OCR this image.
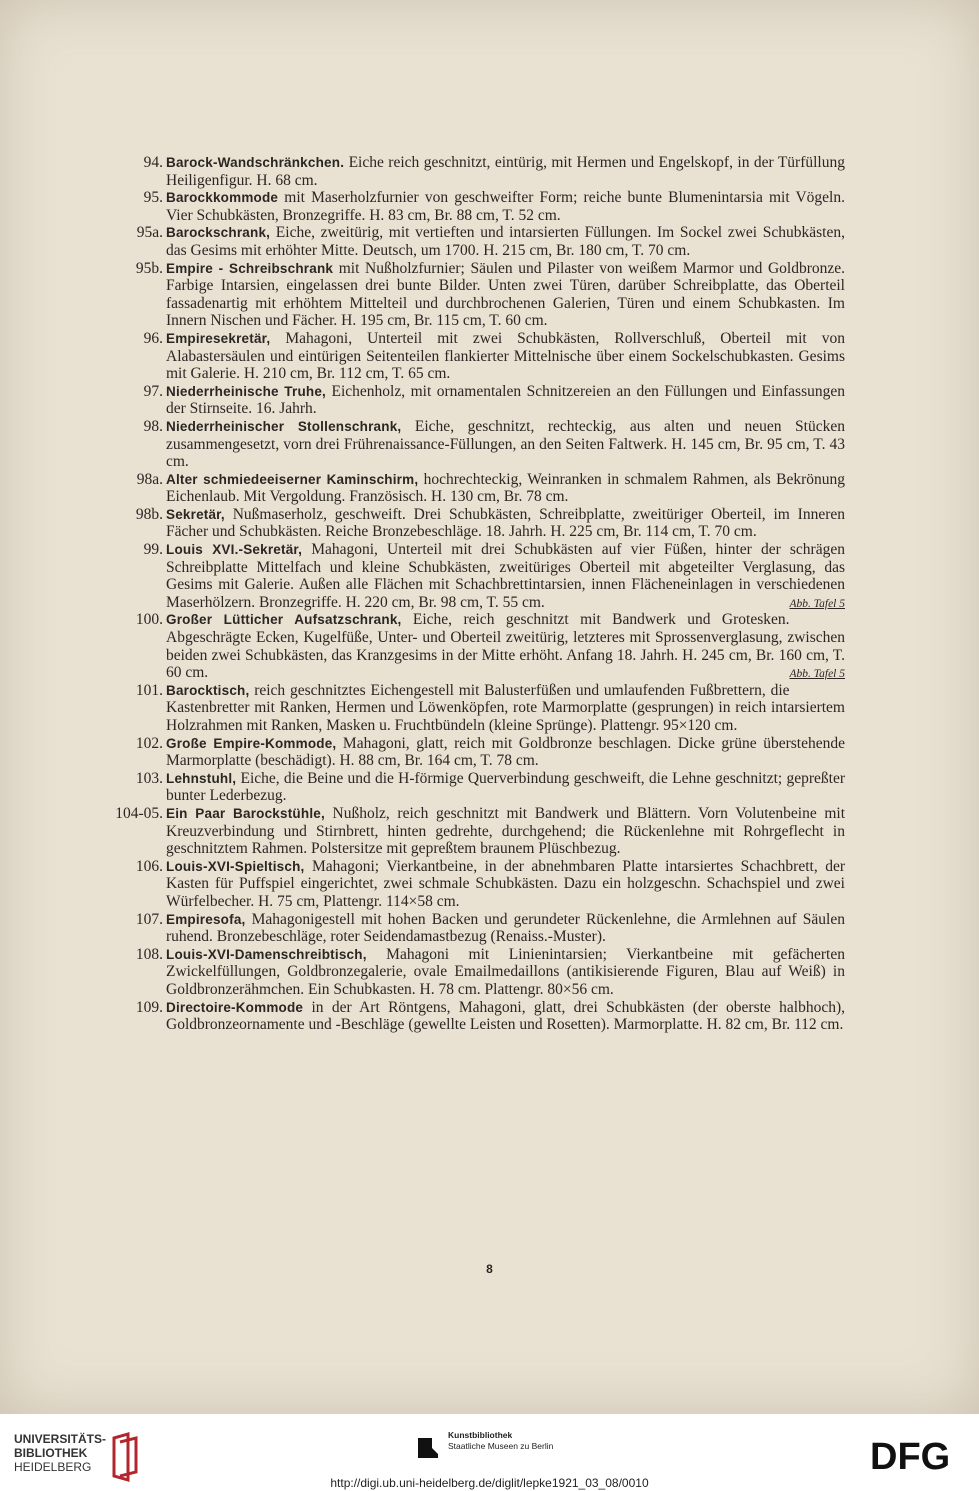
94. Barock-Wandschränkchen. Eiche reich geschnitzt, eintürig, mit Hermen und Engelskopf, in der Türfüllung Heiligenfigur. H. 68 cm.

95. Barockkommode mit Maserholzfurnier von geschweifter Form; reiche bunte Blumenintarsia mit Vögeln. Vier Schubkästen, Bronzegriffe. H. 83 cm, Br. 88 cm, T. 52 cm.

95a. Barockschrank, Eiche, zweitürig, mit vertieften und intarsierten Füllungen. Im Sockel zwei Schubkästen, das Gesims mit erhöhter Mitte. Deutsch, um 1700. H. 215 cm, Br. 180 cm, T. 70 cm.

95b. Empire - Schreibschrank mit Nußholzfurnier; Säulen und Pilaster von weißem Marmor und Goldbronze. Farbige Intarsien, eingelassen drei bunte Bilder. Unten zwei Türen, darüber Schreibplatte, das Oberteil fassadenartig mit erhöhtem Mittelteil und durchbrochenen Galerien, Türen und einem Schubkasten. Im Innern Nischen und Fächer. H. 195 cm, Br. 115 cm, T. 60 cm.

96. Empiresekretär, Mahagoni, Unterteil mit zwei Schubkästen, Rollverschluß, Oberteil mit von Alabastersäulen und eintürigen Seitenteilen flankierter Mittelnische über einem Sockelschubkasten. Gesims mit Galerie. H. 210 cm, Br. 112 cm, T. 65 cm.

97. Niederrheinische Truhe, Eichenholz, mit ornamentalen Schnitzereien an den Füllungen und Einfassungen der Stirnseite. 16. Jahrh.

98. Niederrheinischer Stollenschrank, Eiche, geschnitzt, rechteckig, aus alten und neuen Stücken zusammengesetzt, vorn drei Frührenaissance-Füllungen, an den Seiten Faltwerk. H. 145 cm, Br. 95 cm, T. 43 cm.

98a. Alter schmiedeeiserner Kaminschirm, hochrechteckig, Weinranken in schmalem Rahmen, als Bekrönung Eichenlaub. Mit Vergoldung. Französisch. H. 130 cm, Br. 78 cm.

98b. Sekretär, Nußmaserholz, geschweift. Drei Schubkästen, Schreibplatte, zweitüriger Oberteil, im Inneren Fächer und Schubkästen. Reiche Bronzebeschläge. 18. Jahrh. H. 225 cm, Br. 114 cm, T. 70 cm.

99. Louis XVI.-Sekretär, Mahagoni, Unterteil mit drei Schubkästen auf vier Füßen, hinter der schrägen Schreibplatte Mittelfach und kleine Schubkästen, zweitüriges Oberteil mit abgeteilter Verglasung, das Gesims mit Galerie. Außen alle Flächen mit Schachbrettintarsien, innen Flächeneinlagen in verschiedenen Maserhölzern. Bronzegriffe. H. 220 cm, Br. 98 cm, T. 55 cm.	Abb. Tafel 5

100. Großer Lütticher Aufsatzschrank, Eiche, reich geschnitzt mit Bandwerk und Grotesken. Abgeschrägte Ecken, Kugelfüße, Unter- und Oberteil zweitürig, letzteres mit Sprossenverglasung, zwischen beiden zwei Schubkästen, das Kranzgesims in der Mitte erhöht. Anfang 18. Jahrh. H. 245 cm, Br. 160 cm, T. 60 cm.	Abb. Tafel 5

101. Barocktisch, reich geschnitztes Eichengestell mit Balusterfüßen und umlaufenden Fußbrettern, die Kastenbretter mit Ranken, Hermen und Löwenköpfen, rote Marmorplatte (gesprungen) in reich intarsiertem Holzrahmen mit Ranken, Masken u. Fruchtbündeln (kleine Sprünge). Plattengr. 95×120 cm.

102. Große Empire-Kommode, Mahagoni, glatt, reich mit Goldbronze beschlagen. Dicke grüne überstehende Marmorplatte (beschädigt). H. 88 cm, Br. 164 cm, T. 78 cm.

103. Lehnstuhl, Eiche, die Beine und die H-förmige Querverbindung geschweift, die Lehne geschnitzt; gepreßter bunter Lederbezug.

104-05. Ein Paar Barockstühle, Nußholz, reich geschnitzt mit Bandwerk und Blättern. Vorn Volutenbeine mit Kreuzverbindung und Stirnbrett, hinten gedrehte, durchgehend; die Rückenlehne mit Rohrgeflecht in geschnitztem Rahmen. Polstersitze mit gepreßtem braunem Plüschbezug.

106. Louis-XVI-Spieltisch, Mahagoni; Vierkantbeine, in der abnehmbaren Platte intarsiertes Schachbrett, der Kasten für Puffspiel eingerichtet, zwei schmale Schubkästen. Dazu ein holzgeschn. Schachspiel und zwei Würfelbecher. H. 75 cm, Plattengr. 114×58 cm.

107. Empiresofa, Mahagonigestell mit hohen Backen und gerundeter Rückenlehne, die Armlehnen auf Säulen ruhend. Bronzebeschläge, roter Seidendamastbezug (Renaiss.-Muster).

108. Louis-XVI-Damenschreibtisch, Mahagoni mit Linienintarsien; Vierkantbeine mit gefächerten Zwickelfüllungen, Goldbronzegalerie, ovale Emailmedaillons (antikisierende Figuren, Blau auf Weiß) in Goldbronzerähmchen. Ein Schubkasten. H. 78 cm. Plattengr. 80×56 cm.

109. Directoire-Kommode in der Art Röntgens, Mahagoni, glatt, drei Schubkästen (der oberste halbhoch), Goldbronzeornamente und -Beschläge (gewellte Leisten und Rosetten). Marmorplatte. H. 82 cm, Br. 112 cm.

8
UNIVERSITÄTS-
BIBLIOTHEK
HEIDELBERG
Kunstbibliothek
Staatliche Museen zu Berlin	DFG
http://digi.ub.uni-heidelberg.de/diglit/lepke1921_03_08/0010
